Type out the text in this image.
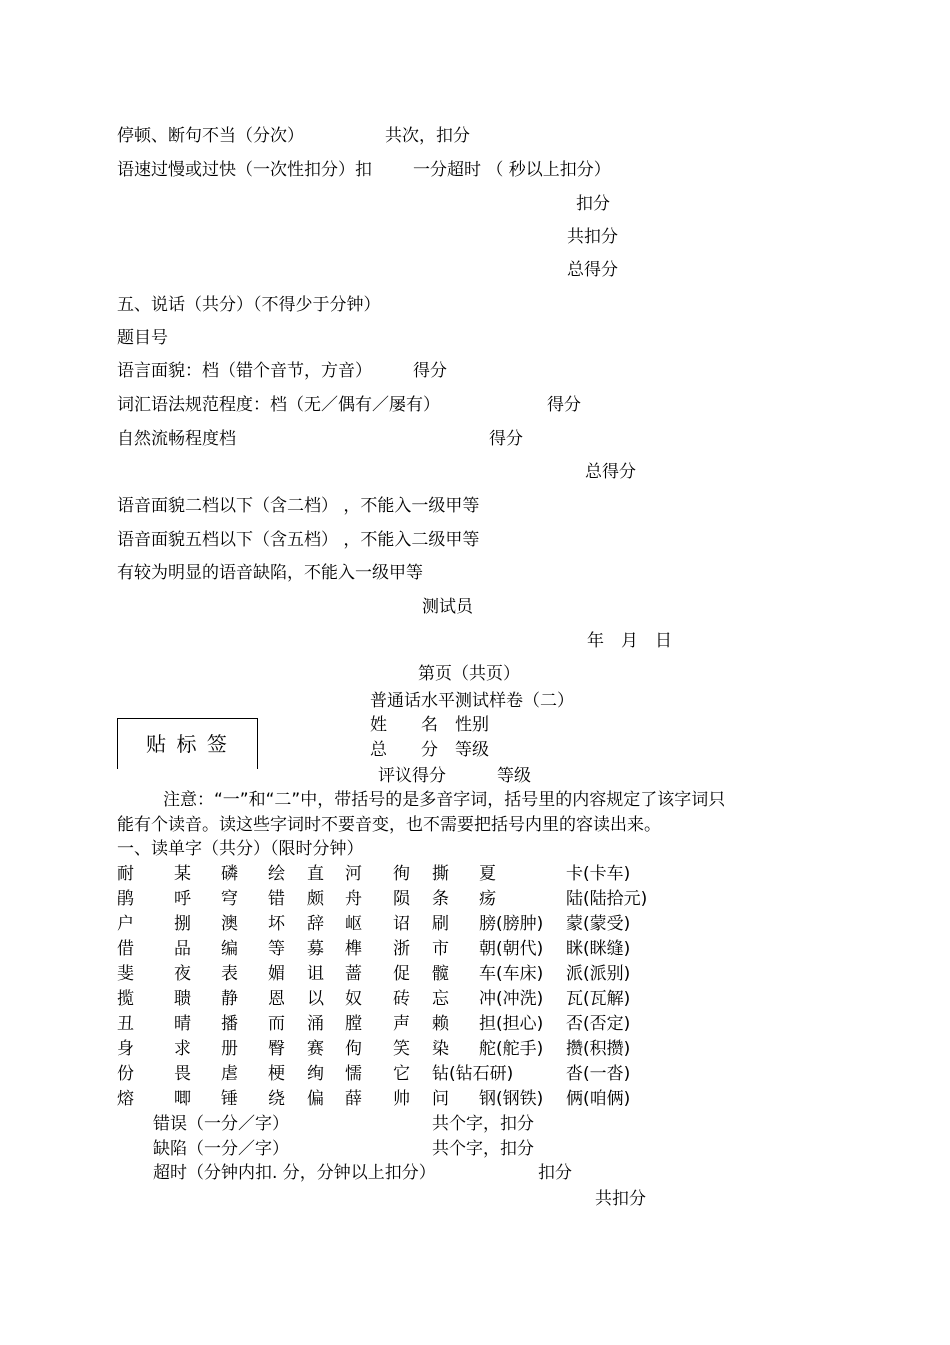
停顿、断句不当（分次）	共次，扣分
语速过慢或过快（一次性扣分）扣 一分超时 （ 秒以上扣分）
扣分
共扣分
总得分
五、说话（共分）（不得少于分钟）
题目号
语言面貌：档（错个音节，方音） 得分
词汇语法规范程度：档（无／偶有／屡有）	得分
自然流畅程度档	得分
总得分
语音面貌二档以下（含二档） ，不能入一级甲等
语音面貌五档以下（含五档） ，不能入二级甲等
有较为明显的语音缺陷，不能入一级甲等
测试员
年　月　日
第页（共页）
普通话水平测试样卷（二）
贴 标 签
姓　　名　性别
总　　分　等级
评议得分　　　等级
注意：“一”和“二”中，带括号的是多音字词，括号里的内容规定了该字词只
能有个读音。读这些字词时不要音变，也不需要把括号内里的容读出来。
一、读单字（共分）（限时分钟）
耐 某 磷 绘 直 河 徇 撕 夏	卡(卡车)
鹃 呼 穹 错 颇 舟 陨 条 疡	陆(陆拾元)
户 捌 澳 坏 辞 岖 诏 刷 膀(膀肿) 蒙(蒙受)
借 品 编 等 募 榫 浙 市 朝(朝代) 眯(眯缝)
斐 夜 表 媚 诅 蔷 促 髋 车(车床) 派(派别)
揽 聩 静 恩 以 奴 砖 忘 冲(冲洗) 瓦(瓦解)
丑 晴 播 而 涌 膛 声 赖 担(担心) 否(否定)
身 求 册 臀 赛 佝 笑 染 舵(舵手) 攒(积攒)
份 畏 虐 梗 绚 懦 它 钻(钻石研)	沓(一沓)
熔 唧 锤 绕 偏 薛 帅 问 钢(钢铁) 俩(咱俩)
错误（一分／字）	共个字，扣分
缺陷（一分／字）	共个字，扣分
超时（分钟内扣. 分，分钟以上扣分）	扣分
共扣分
